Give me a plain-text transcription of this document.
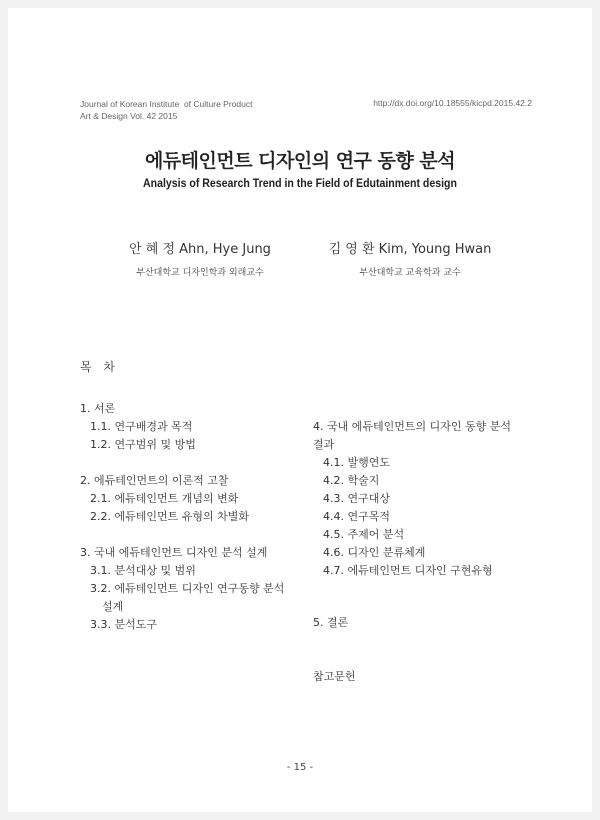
Journal of Korean Institute  of Culture Product
Art & Design Vol. 42 2015
http://dx.doi.org/10.18555/kicpd.2015.42.2
에듀테인먼트 디자인의 연구 동향 분석
Analysis of Research Trend in the Field of Edutainment design
안 혜 정 Ahn, Hye Jung
부산대학교 디자인학과 외래교수
김 영 환 Kim, Young Hwan
부산대학교 교육학과 교수
목 차
1. 서론
1.1. 연구배경과 목적
1.2. 연구범위 및 방법
2. 에듀테인먼트의 이론적 고찰
2.1. 에듀테인먼트 개념의 변화
2.2. 에듀테인먼트 유형의 차별화
3. 국내 에듀테인먼트 디자인 분석 설계
3.1. 분석대상 및 범위
3.2. 에듀테인먼트 디자인 연구동향 분석
설계
3.3. 분석도구
4. 국내 에듀테인먼트의 디자인 동향 분석
결과
4.1. 발행연도
4.2. 학술지
4.3. 연구대상
4.4. 연구목적
4.5. 주제어 분석
4.6. 디자인 분류체계
4.7. 에듀테인먼트 디자인 구현유형
5. 결론
참고문헌
- 15 -
